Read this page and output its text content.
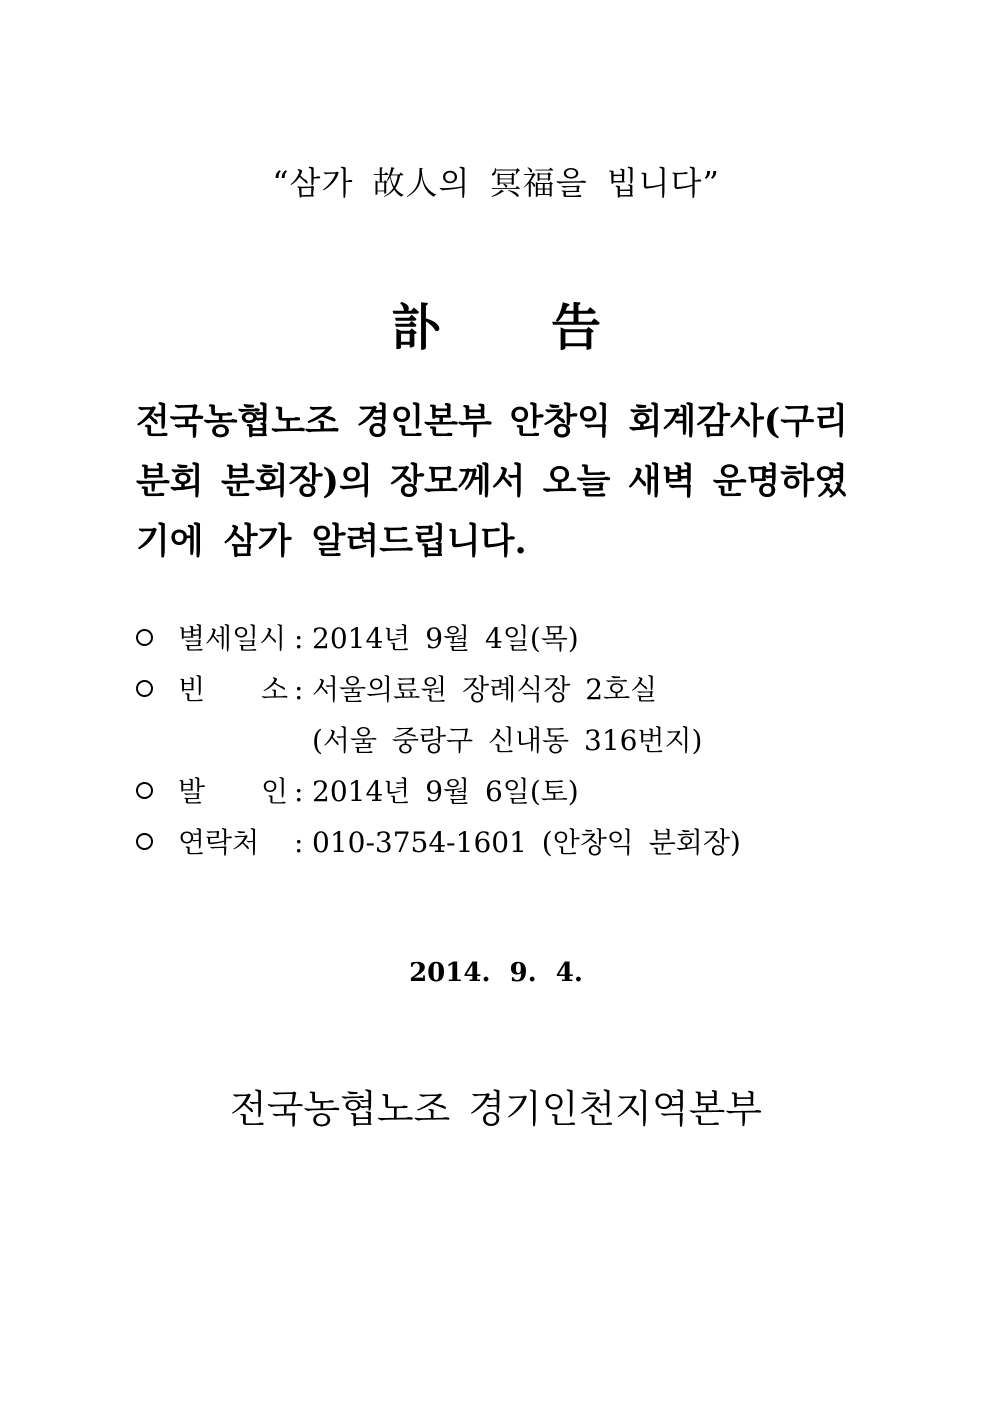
“삼가 故人의 冥福을 빕니다”
訃 告
전국농협노조 경인본부 안창익 회계감사(구리
분회 분회장)의 장모께서 오늘 새벽 운명하였
기에 삼가 알려드립니다.
별세일시 : 2014년 9월 4일(목)
빈 소 : 서울의료원 장례식장 2호실
(서울 중랑구 신내동 316번지)
발 인 : 2014년 9월 6일(토)
연락처	: 010-3754-1601 (안창익 분회장)
2014. 9. 4.
전국농협노조 경기인천지역본부
